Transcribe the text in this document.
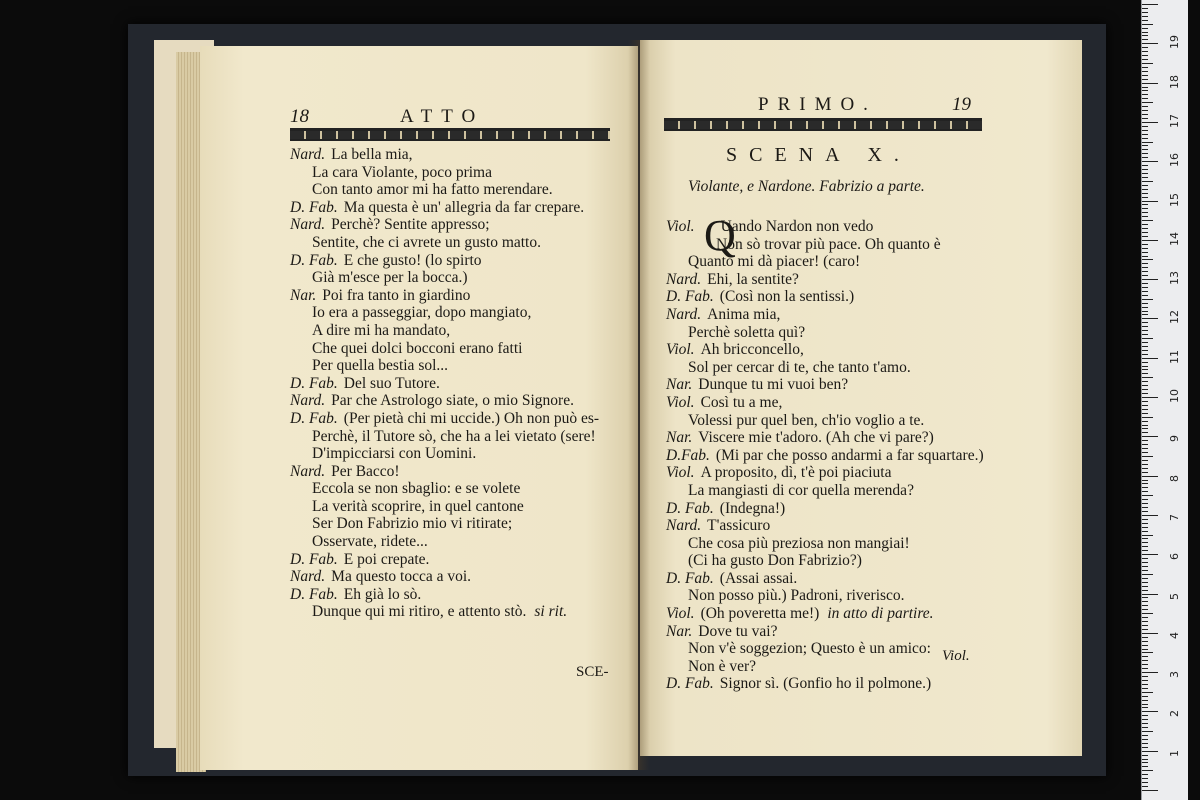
18	ATTO
Nard. La bella mia,
La cara Violante, poco prima
Con tanto amor mi ha fatto merendare.
D. Fab. Ma questa è un' allegria da far crepare.
Nard. Perchè? Sentite appresso;
Sentite, che ci avrete un gusto matto.
D. Fab. E che gusto! (lo spirto
Già m'esce per la bocca.)
Nar. Poi fra tanto in giardino
Io era a passeggiar, dopo mangiato,
A dire mi ha mandato,
Che quei dolci bocconi erano fatti
Per quella bestia sol...
D. Fab. Del suo Tutore.
Nard. Par che Astrologo siate, o mio Signore.
D. Fab. (Per pietà chi mi uccide.) Oh non può es-
Perchè, il Tutore sò, che ha a lei vietato (sere!
D'impicciarsi con Uomini.
Nard. Per Bacco!
Eccola se non sbaglio: e se volete
La verità scoprire, in quel cantone
Ser Don Fabrizio mio vi ritirate;
Osservate, ridete...
D. Fab. E poi crepate.
Nard. Ma questo tocca a voi.
D. Fab. Eh già lo sò.
Dunque qui mi ritiro, e attento stò. si rit.
SCE-
PRIMO.	19
SCENA X.
Violante, e Nardone. Fabrizio a parte.
Viol. Q
Uando Nardon non vedo
Non sò trovar più pace. Oh quanto è
Quanto mi dà piacer! (caro!
Nard. Ehi, la sentite?
D. Fab. (Così non la sentissi.)
Nard. Anima mia,
Perchè soletta quì?
Viol. Ah bricconcello,
Sol per cercar di te, che tanto t'amo.
Nar. Dunque tu mi vuoi ben?
Viol. Così tu a me,
Volessi pur quel ben, ch'io voglio a te.
Nar. Viscere mie t'adoro. (Ah che vi pare?)
D.Fab. (Mi par che posso andarmi a far squartare.)
Viol. A proposito, dì, t'è poi piaciuta
La mangiasti di cor quella merenda?
D. Fab. (Indegna!)
Nard. T'assicuro
Che cosa più preziosa non mangiai!
(Ci ha gusto Don Fabrizio?)
D. Fab. (Assai assai.
Non posso più.) Padroni, riverisco.
Viol. (Oh poveretta me!) in atto di partire.
Nar. Dove tu vai?
Non v'è soggezion; Questo è un amico:
Non è ver?
D. Fab. Signor sì. (Gonfio ho il polmone.)
Viol.
1
2
3
4
5
6
7
8
9
10
11
12
13
14
15
16
17
18
19
